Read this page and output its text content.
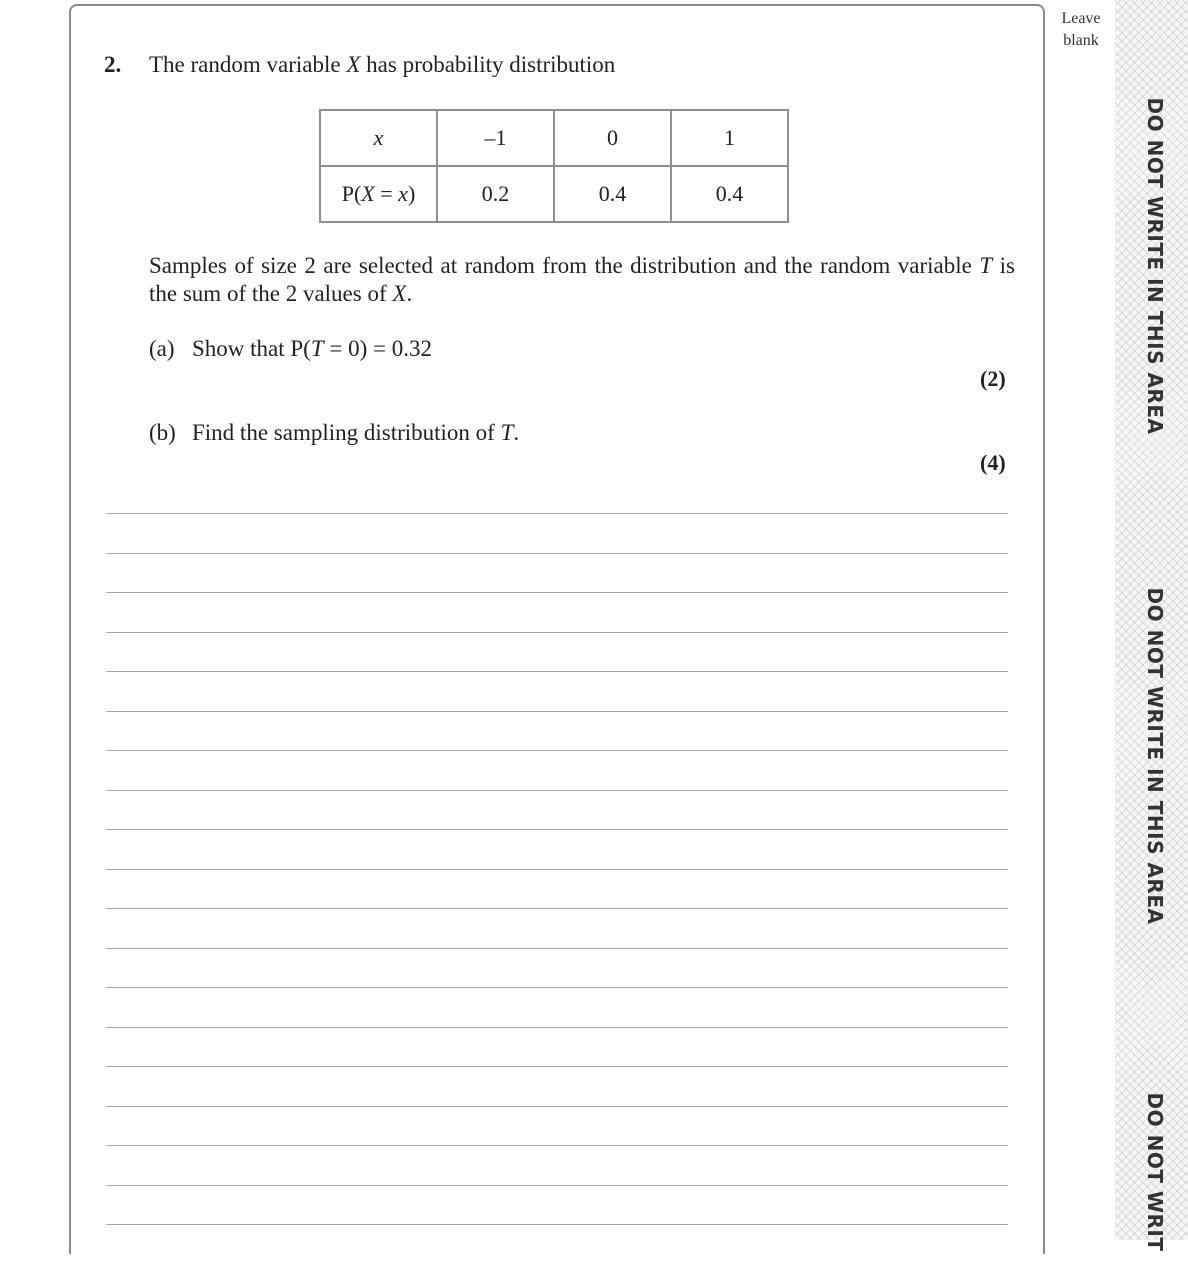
Leave
blank
DO NOT WRITE IN THIS AREA
DO NOT WRITE IN THIS AREA
DO NOT WRIT
2. The random variable X has probability distribution
x	–1	0	1
P(X = x)	0.2	0.4	0.4
Samples of size 2 are selected at random from the distribution and the random variable T is the sum of the 2 values of X.
(a) Show that P(T = 0) = 0.32
(2)
(b) Find the sampling distribution of T.
(4)
